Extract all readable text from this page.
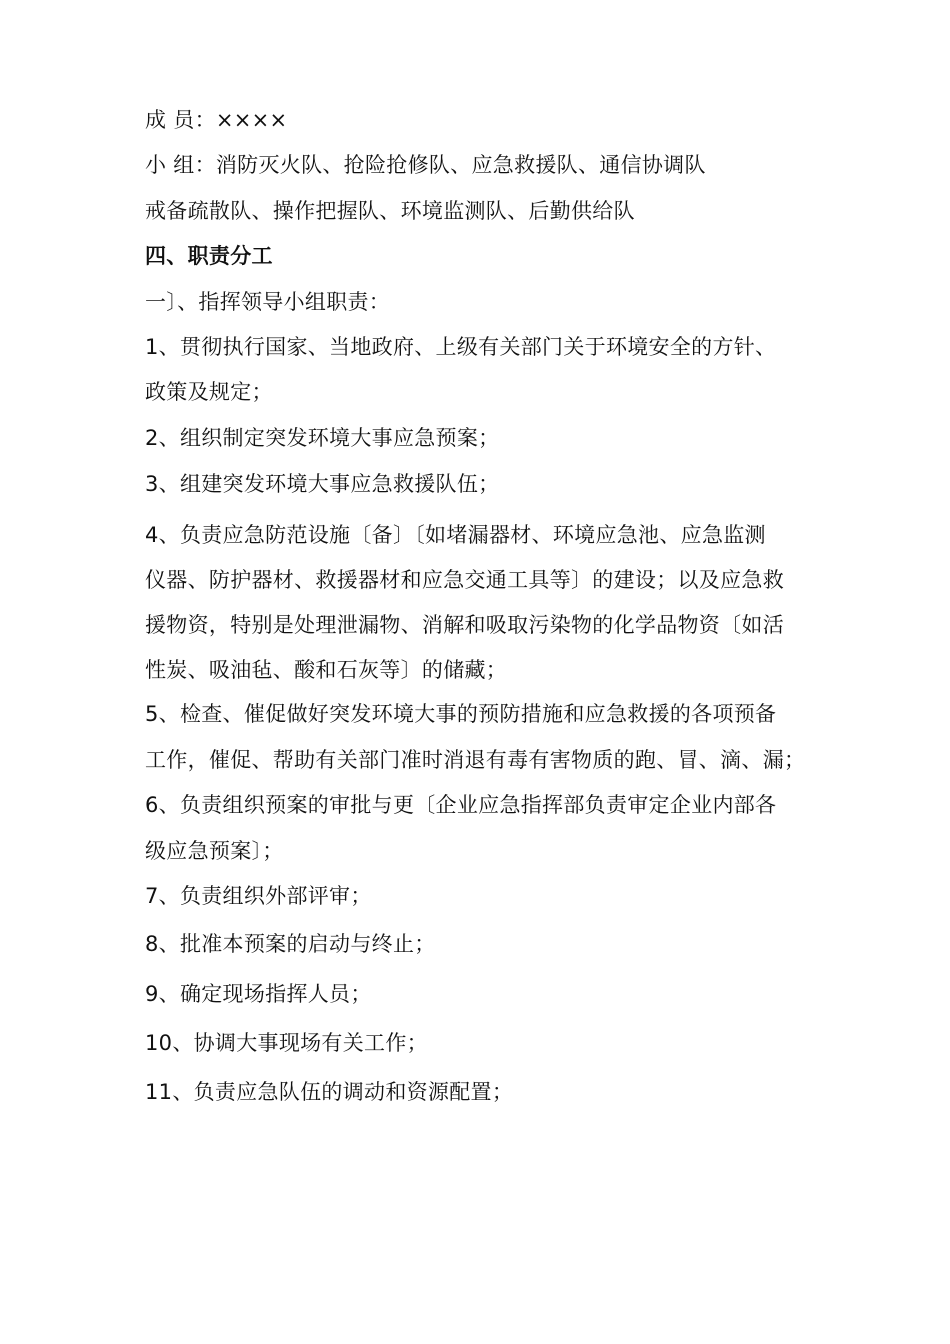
成 员：××××
小 组：消防灭火队、抢险抢修队、应急救援队、通信协调队
戒备疏散队、操作把握队、环境监测队、后勤供给队
四、职责分工
一〕、指挥领导小组职责：
1、贯彻执行国家、当地政府、上级有关部门关于环境安全的方针、
政策及规定；
2、组织制定突发环境大事应急预案；
3、组建突发环境大事应急救援队伍；
4、负责应急防范设施〔备〕〔如堵漏器材、环境应急池、应急监测
仪器、防护器材、救援器材和应急交通工具等〕的建设；以及应急救
援物资，特别是处理泄漏物、消解和吸取污染物的化学品物资〔如活
性炭、吸油毡、酸和石灰等〕的储藏；
5、检查、催促做好突发环境大事的预防措施和应急救援的各项预备
工作，催促、帮助有关部门准时消退有毒有害物质的跑、冒、滴、漏；
6、负责组织预案的审批与更〔企业应急指挥部负责审定企业内部各
级应急预案〕；
7、负责组织外部评审；
8、批准本预案的启动与终止；
9、确定现场指挥人员；
10、协调大事现场有关工作；
11、负责应急队伍的调动和资源配置；
